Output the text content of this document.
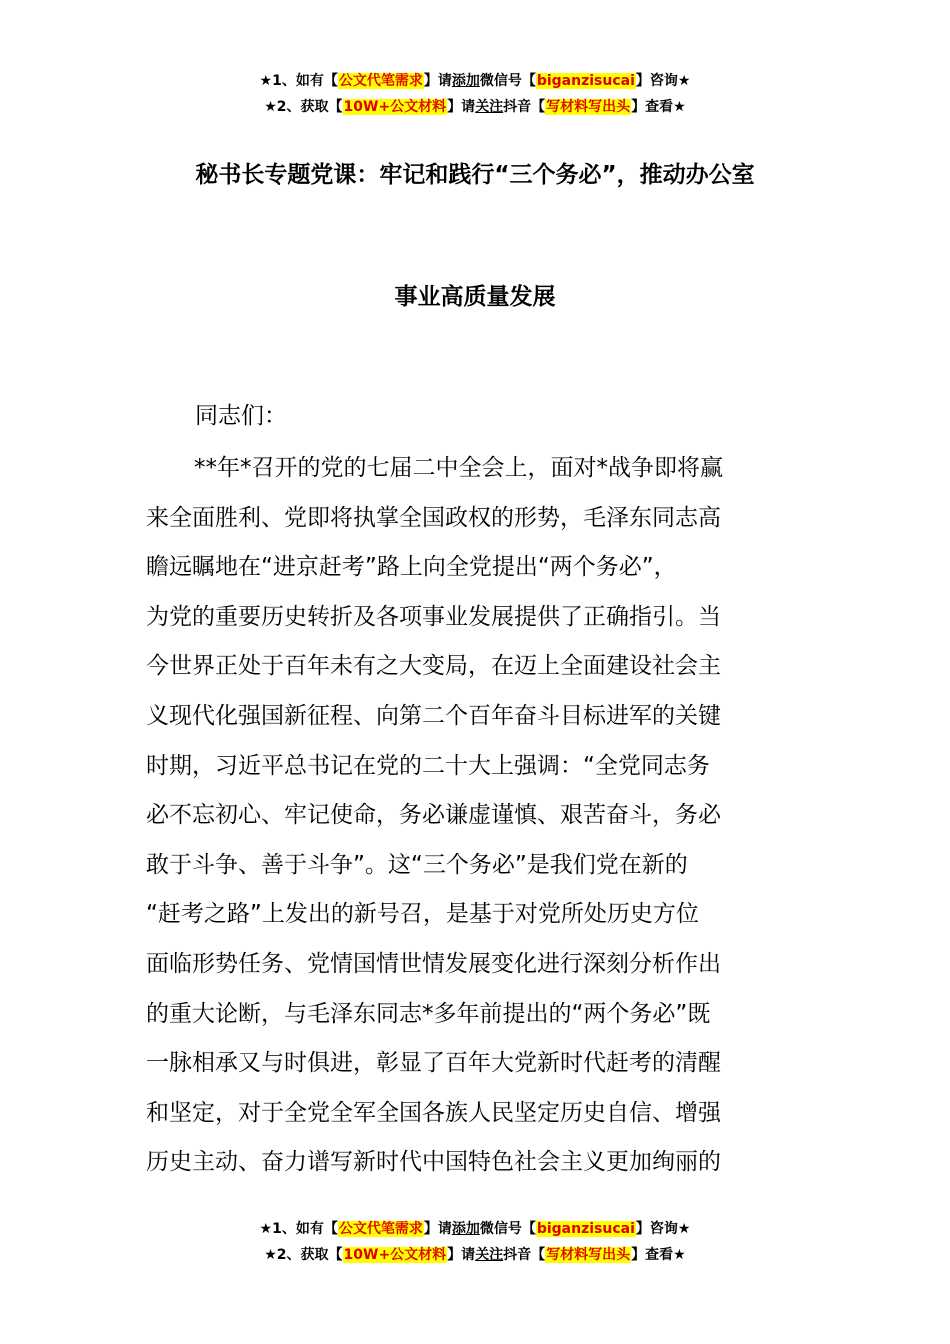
★1、如有【公文代笔需求】请添加微信号【biganzisucai】咨询★
★2、获取【10W+公文材料】请关注抖音【写材料写出头】查看★
秘书长专题党课：牢记和践行“三个务必”，推动办公室
事业高质量发展
同志们：
**年*召开的党的七届二中全会上，面对*战争即将赢
来全面胜利、党即将执掌全国政权的形势，毛泽东同志高
瞻远瞩地在“进京赶考”路上向全党提出“两个务必”，
为党的重要历史转折及各项事业发展提供了正确指引。当
今世界正处于百年未有之大变局，在迈上全面建设社会主
义现代化强国新征程、向第二个百年奋斗目标进军的关键
时期，习近平总书记在党的二十大上强调：“全党同志务
必不忘初心、牢记使命，务必谦虚谨慎、艰苦奋斗，务必
敢于斗争、善于斗争”。这“三个务必”是我们党在新的
“赶考之路”上发出的新号召，是基于对党所处历史方位
面临形势任务、党情国情世情发展变化进行深刻分析作出
的重大论断，与毛泽东同志*多年前提出的“两个务必”既
一脉相承又与时俱进，彰显了百年大党新时代赶考的清醒
和坚定，对于全党全军全国各族人民坚定历史自信、增强
历史主动、奋力谱写新时代中国特色社会主义更加绚丽的
★1、如有【公文代笔需求】请添加微信号【biganzisucai】咨询★
★2、获取【10W+公文材料】请关注抖音【写材料写出头】查看★
